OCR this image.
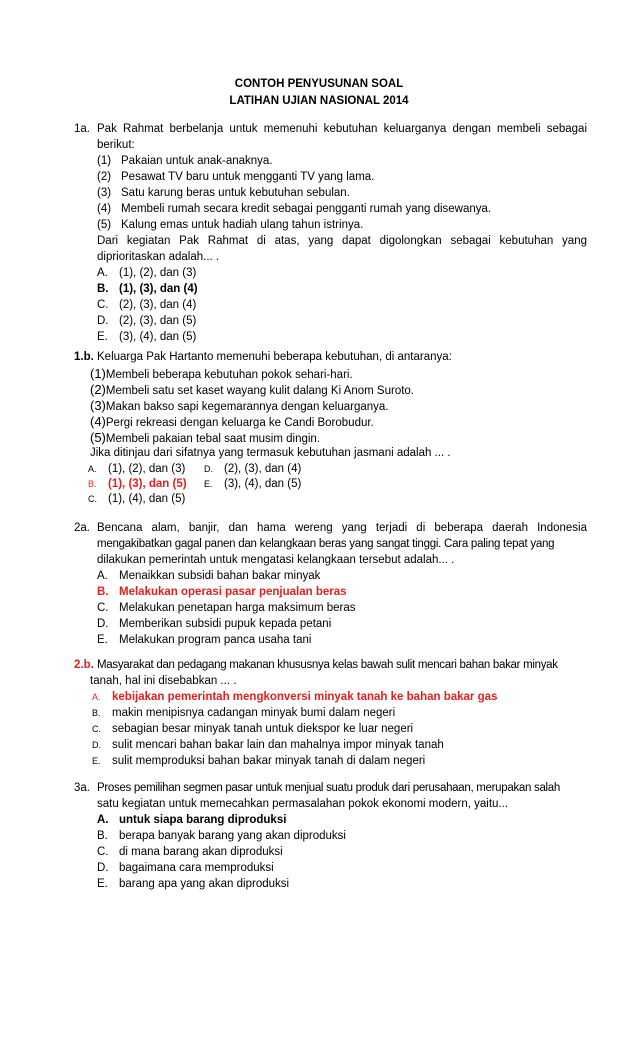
CONTOH PENYUSUNAN SOAL
LATIHAN UJIAN NASIONAL 2014
1a. Pak Rahmat berbelanja untuk memenuhi kebutuhan keluarganya dengan membeli sebagai
berikut:
(1) Pakaian untuk anak-anaknya.
(2) Pesawat TV baru untuk mengganti TV yang lama.
(3) Satu karung beras untuk kebutuhan sebulan.
(4) Membeli rumah secara kredit sebagai pengganti rumah yang disewanya.
(5) Kalung emas untuk hadiah ulang tahun istrinya.
Dari kegiatan Pak Rahmat di atas, yang dapat digolongkan sebagai kebutuhan yang
diprioritaskan adalah... .
A. (1), (2), dan (3)
B. (1), (3), dan (4)
C. (2), (3), dan (4)
D. (2), (3), dan (5)
E. (3), (4), dan (5)
1.b. Keluarga Pak Hartanto memenuhi beberapa kebutuhan, di antaranya:
(1)Membeli beberapa kebutuhan pokok sehari-hari.
(2)Membeli satu set kaset wayang kulit dalang Ki Anom Suroto.
(3)Makan bakso sapi kegemarannya dengan keluarganya.
(4)Pergi rekreasi dengan keluarga ke Candi Borobudur.
(5)Membeli pakaian tebal saat musim dingin.
Jika ditinjau dari sifatnya yang termasuk kebutuhan jasmani adalah ... .
A. (1), (2), dan (3) D. (2), (3), dan (4)
B. (1), (3), dan (5) E. (3), (4), dan (5)
C. (1), (4), dan (5)
2a. Bencana alam, banjir, dan hama wereng yang terjadi di beberapa daerah Indonesia
mengakibatkan gagal panen dan kelangkaan beras yang sangat tinggi. Cara paling tepat yang
dilakukan pemerintah untuk mengatasi kelangkaan tersebut adalah... .
A. Menaikkan subsidi bahan bakar minyak
B. Melakukan operasi pasar penjualan beras
C. Melakukan penetapan harga maksimum beras
D. Memberikan subsidi pupuk kepada petani
E. Melakukan program panca usaha tani
2.b. Masyarakat dan pedagang makanan khususnya kelas bawah sulit mencari bahan bakar minyak
tanah, hal ini disebabkan ... .
A. kebijakan pemerintah mengkonversi minyak tanah ke bahan bakar gas
B. makin menipisnya cadangan minyak bumi dalam negeri
C. sebagian besar minyak tanah untuk diekspor ke luar negeri
D. sulit mencari bahan bakar lain dan mahalnya impor minyak tanah
E. sulit memproduksi bahan bakar minyak tanah di dalam negeri
3a. Proses pemilihan segmen pasar untuk menjual suatu produk dari perusahaan, merupakan salah
satu kegiatan untuk memecahkan permasalahan pokok ekonomi modern, yaitu...
A. untuk siapa barang diproduksi
B. berapa banyak barang yang akan diproduksi
C. di mana barang akan diproduksi
D. bagaimana cara memproduksi
E. barang apa yang akan diproduksi
